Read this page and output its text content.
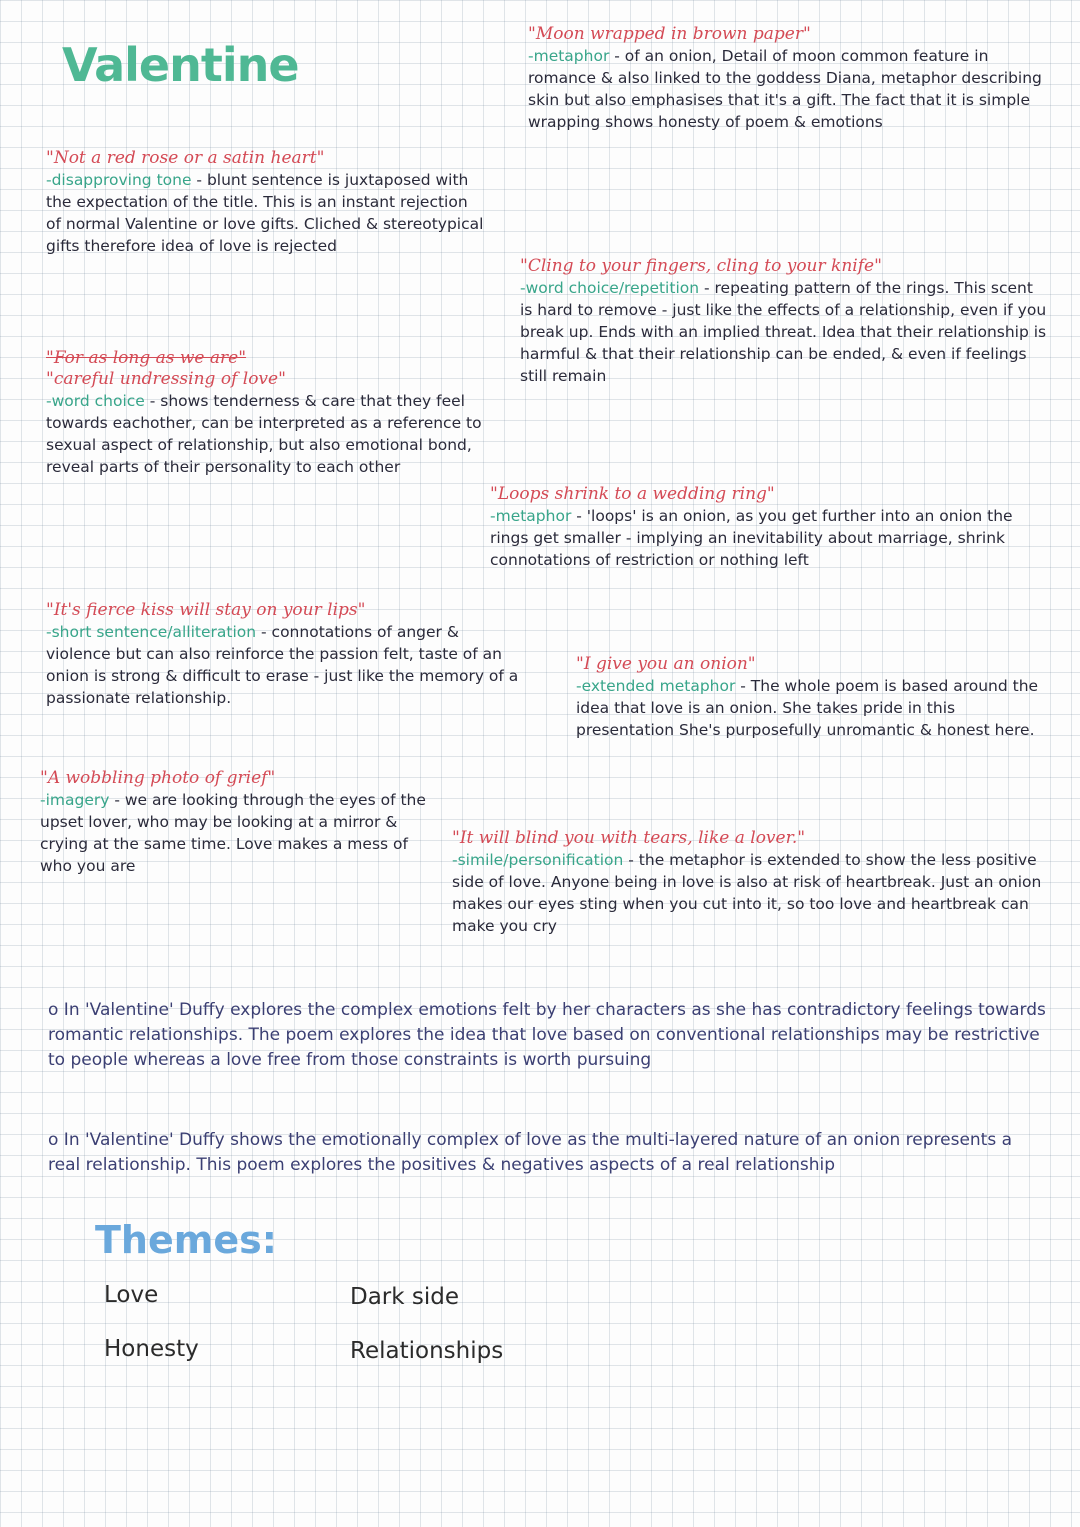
Valentine
"Not a red rose or a satin heart"
-disapproving tone - blunt sentence is juxtaposed with the expectation of the title. This is an instant rejection of normal Valentine or love gifts. Cliched & stereotypical gifts therefore idea of love is rejected
"For as long as we are"
"careful undressing of love"
-word choice - shows tenderness & care that they feel towards eachother, can be interpreted as a reference to sexual aspect of relationship, but also emotional bond, reveal parts of their personality to each other
"It's fierce kiss will stay on your lips"
-short sentence/alliteration - connotations of anger & violence but can also reinforce the passion felt, taste of an onion is strong & difficult to erase - just like the memory of a passionate relationship.
"A wobbling photo of grief"
-imagery - we are looking through the eyes of the upset lover, who may be looking at a mirror & crying at the same time. Love makes a mess of who you are
"Moon wrapped in brown paper"
-metaphor - of an onion, Detail of moon common feature in romance & also linked to the goddess Diana, metaphor describing skin but also emphasises that it's a gift. The fact that it is simple wrapping shows honesty of poem & emotions
"Cling to your fingers, cling to your knife"
-word choice/repetition - repeating pattern of the rings. This scent is hard to remove - just like the effects of a relationship, even if you break up. Ends with an implied threat. Idea that their relationship is harmful & that their relationship can be ended, & even if feelings still remain
"Loops shrink to a wedding ring"
-metaphor - 'loops' is an onion, as you get further into an onion the rings get smaller - implying an inevitability about marriage, shrink connotations of restriction or nothing left
"I give you an onion"
-extended metaphor - The whole poem is based around the idea that love is an onion. She takes pride in this presentation She's purposefully unromantic & honest here.
"It will blind you with tears, like a lover."
-simile/personification - the metaphor is extended to show the less positive side of love. Anyone being in love is also at risk of heartbreak. Just an onion makes our eyes sting when you cut into it, so too love and heartbreak can make you cry
o In 'Valentine' Duffy explores the complex emotions felt by her characters as she has contradictory feelings towards romantic relationships. The poem explores the idea that love based on conventional relationships may be restrictive to people whereas a love free from those constraints is worth pursuing
o In 'Valentine' Duffy shows the emotionally complex of love as the multi-layered nature of an onion represents a real relationship. This poem explores the positives & negatives aspects of a real relationship
Themes:
Love	Dark side
Honesty	Relationships
